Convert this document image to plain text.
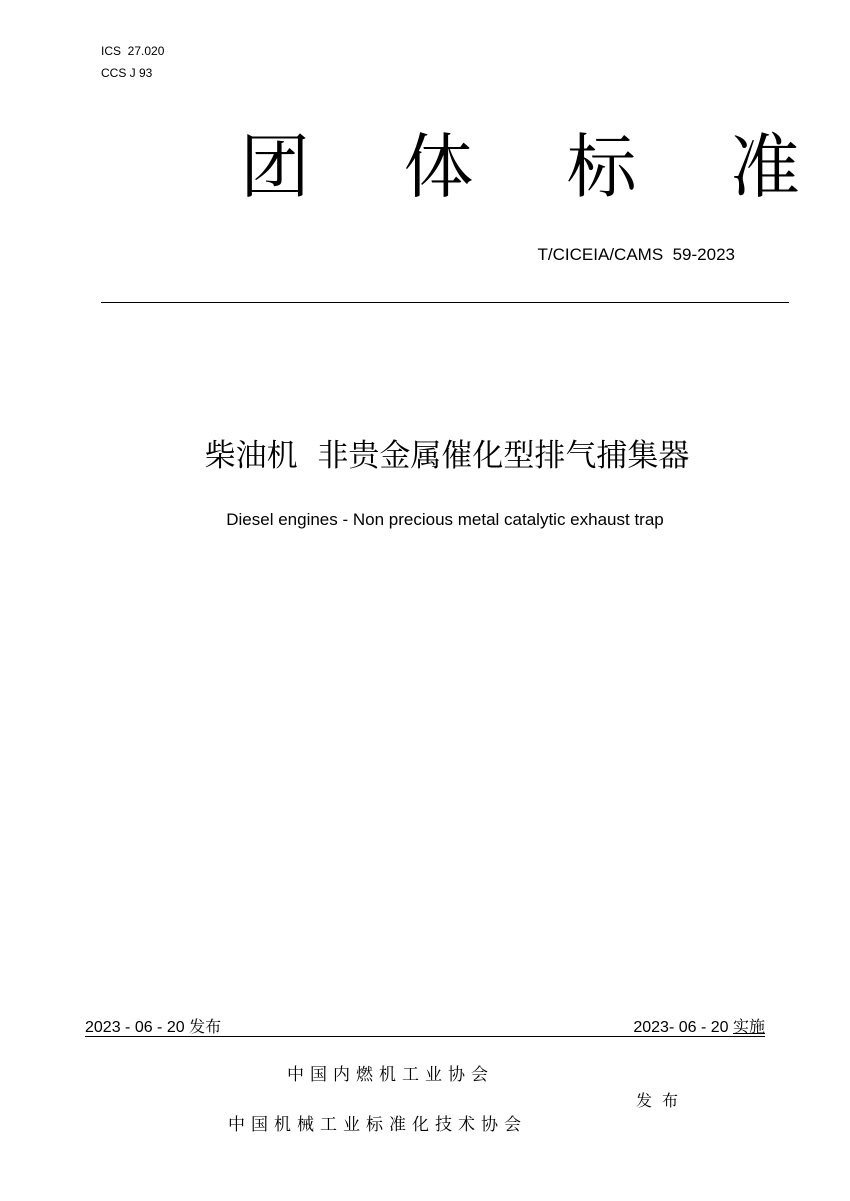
ICS  27.020
CCS J 93
团 体 标 准
T/CICEIA/CAMS  59-2023
柴油机  非贵金属催化型排气捕集器
Diesel engines - Non precious metal catalytic exhaust trap
2023 - 06 - 20 发布	2023- 06 - 20 实施
中国内燃机工业协会
发布
中国机械工业标准化技术协会
